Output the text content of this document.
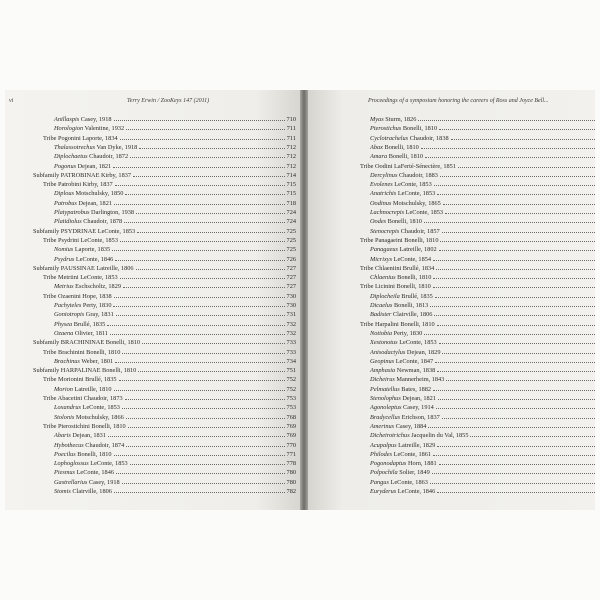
vi	Terry Erwin / ZooKeys 147 (2011)
Anillaspis Casey, 1918	710
Horologion Valentine, 1932	711
Tribe Pogonini Laporte, 1834	711
Thalassotrechus Van Dyke, 1918	712
Diplochaetus Chaudoir, 1872	712
Pogonus Dejean, 1821	712
Subfamily PATROBINAE Kirby, 1837	714
Tribe Patrobini Kirby, 1837	715
Diplous Motschulsky, 1850	715
Patrobus Dejean, 1821	718
Platypatrobus Darlington, 1938	724
Platidiolus Chaudoir, 1878	724
Subfamily PSYDRINAE LeConte, 1853	725
Tribe Psydrini LeConte, 1853	725
Nomius Laporte, 1835	725
Psydrus LeConte, 1846	726
Subfamily PAUSSINAE Latreille, 1806	727
Tribe Metriini LeConte, 1853	727
Metrius Eschscholtz, 1829	727
Tribe Ozaenini Hope, 1838	730
Pachyteles Perty, 1830	730
Goniotropis Gray, 1831	731
Physea Brullé, 1835	732
Ozaena Olivier, 1811	732
Subfamily BRACHININAE Bonelli, 1810	733
Tribe Brachinini Bonelli, 1810	733
Brachinus Weber, 1801	734
Subfamily HARPALINAE Bonelli, 1810	751
Tribe Morionini Brullé, 1835	752
Morion Latreille, 1810	752
Tribe Abacetini Chaudoir, 1873	753
Loxandrus LeConte, 1853	753
Stolonis Motschulsky, 1866	768
Tribe Pterostichini Bonelli, 1810	769
Abaris Dejean, 1831	769
Hybothecus Chaudoir, 1874	770
Poecilus Bonelli, 1810	771
Lophoglossus LeConte, 1853	778
Piesmus LeConte, 1846	780
Gastrellarius Casey, 1918	780
Stomis Clairville, 1806	782
Proceedings of a symposium honoring the careers of Ross and Joyce Bell...
Myas Sturm, 1826
Pterostichus Bonelli, 1810
Cyclotrachelus Chaudoir, 1838
Abax Bonelli, 1810
Amara Bonelli, 1810
Tribe Oodini LaFerté-Sénectère, 1851
Dercylinus Chaudoir, 1883
Evolenes LeConte, 1853
Anatrichis LeConte, 1853
Oodinus Motschulsky, 1865
Lachnocrepis LeConte, 1853
Oodes Bonelli, 1810
Stenocrepis Chaudoir, 1857
Tribe Panagaeini Bonelli, 1810
Panagaeus Latreille, 1802
Micrixys LeConte, 1854
Tribe Chlaeniini Brullé, 1834
Chlaenius Bonelli, 1810
Tribe Licinini Bonelli, 1810
Diplocheila Brullé, 1835
Dicaelus Bonelli, 1813
Badister Clairville, 1806
Tribe Harpalini Bonelli, 1810
Notiobia Perty, 1830
Xestonotus LeConte, 1853
Anisodactylus Dejean, 1829
Geopinus LeConte, 1847
Amphasia Newman, 1838
Dicheirus Mannerheim, 1843
Pelmatellus Bates, 1882
Stenolophus Dejean, 1821
Agonoleptus Casey, 1914
Bradycellus Erichson, 1837
Amerinus Casey, 1884
Dicheirotrichus Jacquelin du Val, 1855
Acupalpus Latreille, 1829
Philodes LeConte, 1861
Pogonodaptus Horn, 1881
Polpochila Solier, 1849
Pangus LeConte, 1863
Euryderus LeConte, 1846
